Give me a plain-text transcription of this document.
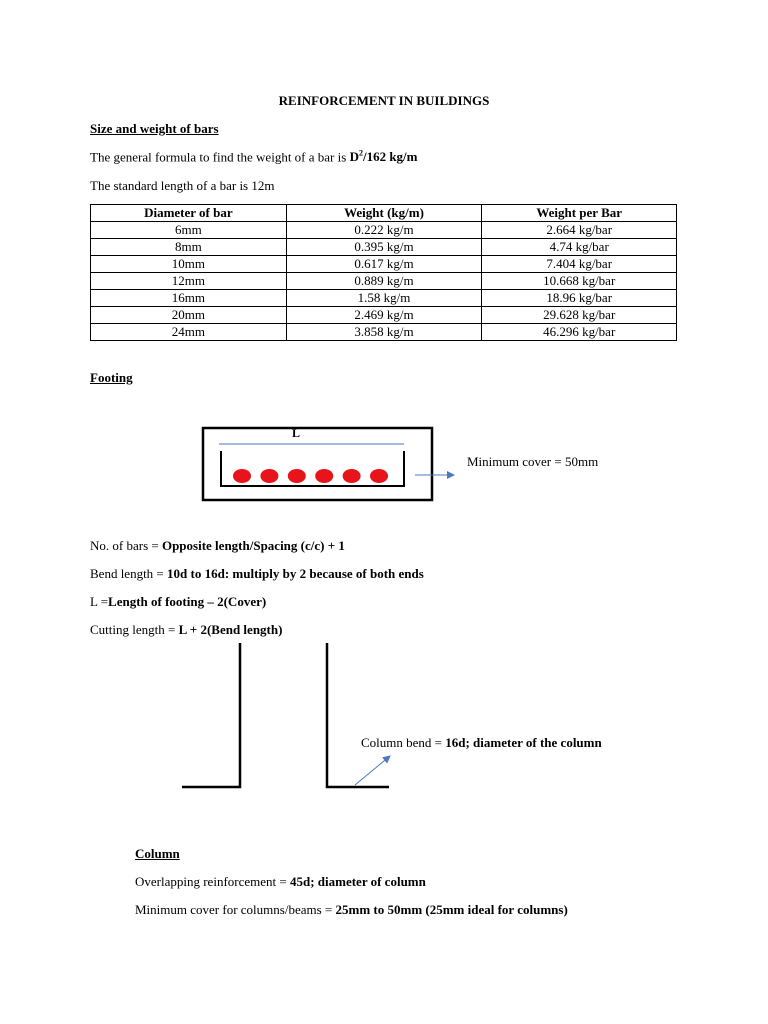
REINFORCEMENT IN BUILDINGS
Size and weight of bars
The general formula to find the weight of a bar is $D^2/162$ kg/m
The standard length of a bar is 12m
Diameter of bar	Weight (kg/m)	Weight per Bar
6mm	0.222 kg/m	2.664 kg/bar
8mm	0.395 kg/m	4.74 kg/bar
10mm	0.617 kg/m	7.404 kg/bar
12mm	0.889 kg/m	10.668 kg/bar
16mm	1.58 kg/m	18.96 kg/bar
20mm	2.469 kg/m	29.628 kg/bar
24mm	3.858 kg/m	46.296 kg/bar
Footing
L
Minimum cover = 50mm
No. of bars = Opposite length/Spacing (c/c) + 1
Bend length = 10d to 16d: multiply by 2 because of both ends
L =Length of footing – 2(Cover)
Cutting length = L + 2(Bend length)
Column bend = 16d; diameter of the column
Column
Overlapping reinforcement = 45d; diameter of column
Minimum cover for columns/beams = 25mm to 50mm (25mm ideal for columns)
